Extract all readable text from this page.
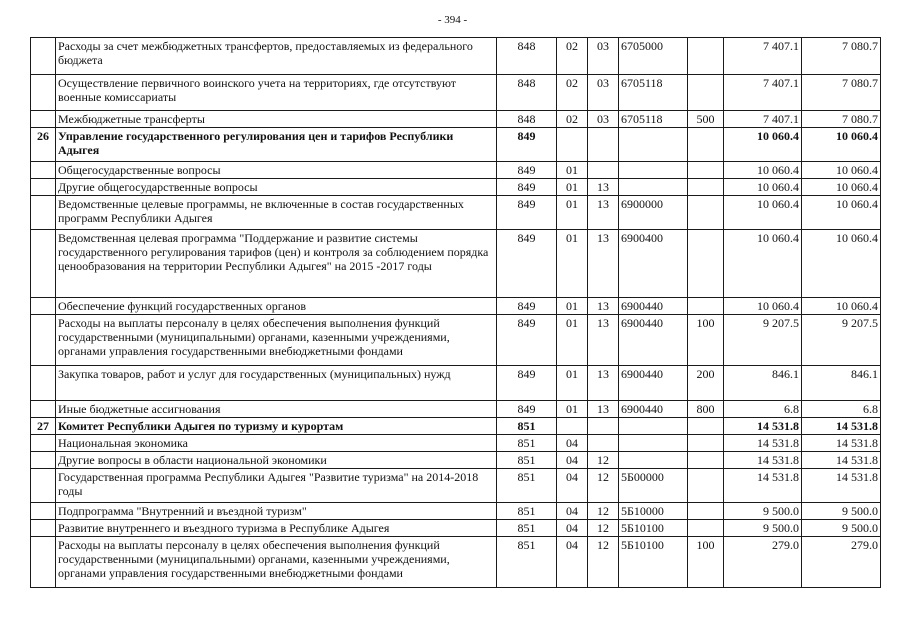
- 394 -
	Расходы за счет межбюджетных трансфертов, предоставляемых из федерального бюджета	848	02	03	6705000		7 407.1	7 080.7
	Осуществление первичного воинского учета на территориях, где отсутствуют военные комиссариаты	848	02	03	6705118		7 407.1	7 080.7
	Межбюджетные трансферты	848	02	03	6705118	500	7 407.1	7 080.7
26	Управление государственного регулирования цен и тарифов Республики Адыгея	849					10 060.4	10 060.4
	Общегосударственные вопросы	849	01				10 060.4	10 060.4
	Другие общегосударственные вопросы	849	01	13			10 060.4	10 060.4
	Ведомственные целевые программы, не включенные в состав государственных программ Республики Адыгея	849	01	13	6900000		10 060.4	10 060.4
	Ведомственная целевая программа "Поддержание и развитие системы государственного регулирования тарифов (цен) и контроля за соблюдением порядка ценообразования на территории Республики Адыгея" на 2015 -2017 годы	849	01	13	6900400		10 060.4	10 060.4
	Обеспечение функций государственных органов	849	01	13	6900440		10 060.4	10 060.4
	Расходы на выплаты персоналу в целях обеспечения выполнения функций государственными (муниципальными) органами, казенными учреждениями, органами управления государственными внебюджетными фондами	849	01	13	6900440	100	9 207.5	9 207.5
	Закупка товаров, работ и услуг для государственных (муниципальных) нужд	849	01	13	6900440	200	846.1	846.1
	Иные бюджетные ассигнования	849	01	13	6900440	800	6.8	6.8
27	Комитет Республики Адыгея по туризму и курортам	851					14 531.8	14 531.8
	Национальная экономика	851	04				14 531.8	14 531.8
	Другие вопросы в области национальной экономики	851	04	12			14 531.8	14 531.8
	Государственная программа Республики Адыгея "Развитие туризма" на 2014-2018 годы	851	04	12	5Б00000		14 531.8	14 531.8
	Подпрограмма "Внутренний и въездной туризм"	851	04	12	5Б10000		9 500.0	9 500.0
	Развитие внутреннего и въездного туризма в Республике Адыгея	851	04	12	5Б10100		9 500.0	9 500.0
	Расходы на выплаты персоналу в целях обеспечения выполнения функций государственными (муниципальными) органами, казенными учреждениями, органами управления государственными внебюджетными фондами	851	04	12	5Б10100	100	279.0	279.0
